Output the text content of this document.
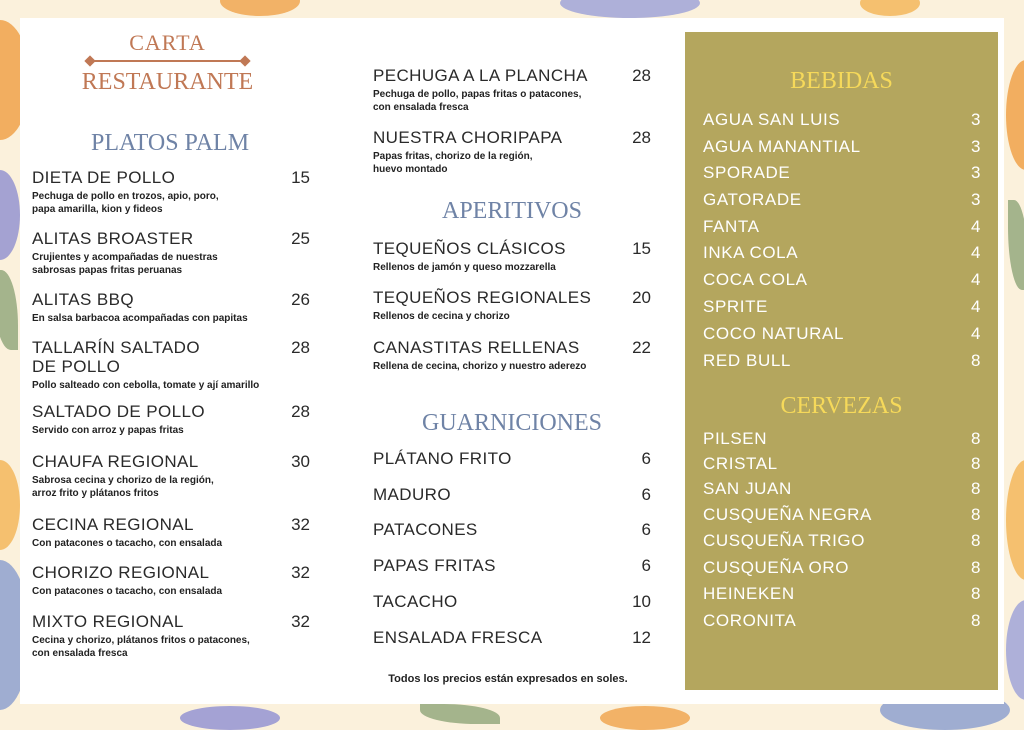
CARTA
RESTAURANTE
PLATOS PALM
DIETA DE POLLO	15
Pechuga de pollo en trozos, apio, poro,
papa amarilla, kion y fideos
ALITAS BROASTER	25
Crujientes y acompañadas de nuestras
sabrosas papas fritas peruanas
ALITAS BBQ	26
En salsa barbacoa acompañadas con papitas
TALLARÍN SALTADO
DE POLLO
28
Pollo salteado con cebolla, tomate y ají amarillo
SALTADO DE POLLO	28
Servido con arroz y papas fritas
CHAUFA REGIONAL	30
Sabrosa cecina y chorizo de la región,
arroz frito y plátanos fritos
CECINA REGIONAL	32
Con patacones o tacacho, con ensalada
CHORIZO REGIONAL	32
Con patacones o tacacho, con ensalada
MIXTO REGIONAL	32
Cecina y chorizo, plátanos fritos o patacones,
con ensalada fresca
PECHUGA A LA PLANCHA	28
Pechuga de pollo, papas fritas o patacones,
con ensalada fresca
NUESTRA CHORIPAPA	28
Papas fritas, chorizo de la región,
huevo montado
APERITIVOS
TEQUEÑOS CLÁSICOS	15
Rellenos de jamón y queso mozzarella
TEQUEÑOS REGIONALES	20
Rellenos de cecina y chorizo
CANASTITAS RELLENAS	22
Rellena de cecina, chorizo y nuestro aderezo
GUARNICIONES
PLÁTANO FRITO	6
MADURO	6
PATACONES	6
PAPAS FRITAS	6
TACACHO	10
ENSALADA FRESCA	12
Todos los precios están expresados en soles.
BEBIDAS
AGUA SAN LUIS	3
AGUA MANANTIAL	3
SPORADE	3
GATORADE	3
FANTA	4
INKA COLA	4
COCA COLA	4
SPRITE	4
COCO NATURAL	4
RED BULL	8
CERVEZAS
PILSEN	8
CRISTAL	8
SAN JUAN	8
CUSQUEÑA NEGRA	8
CUSQUEÑA TRIGO	8
CUSQUEÑA ORO	8
HEINEKEN	8
CORONITA	8
